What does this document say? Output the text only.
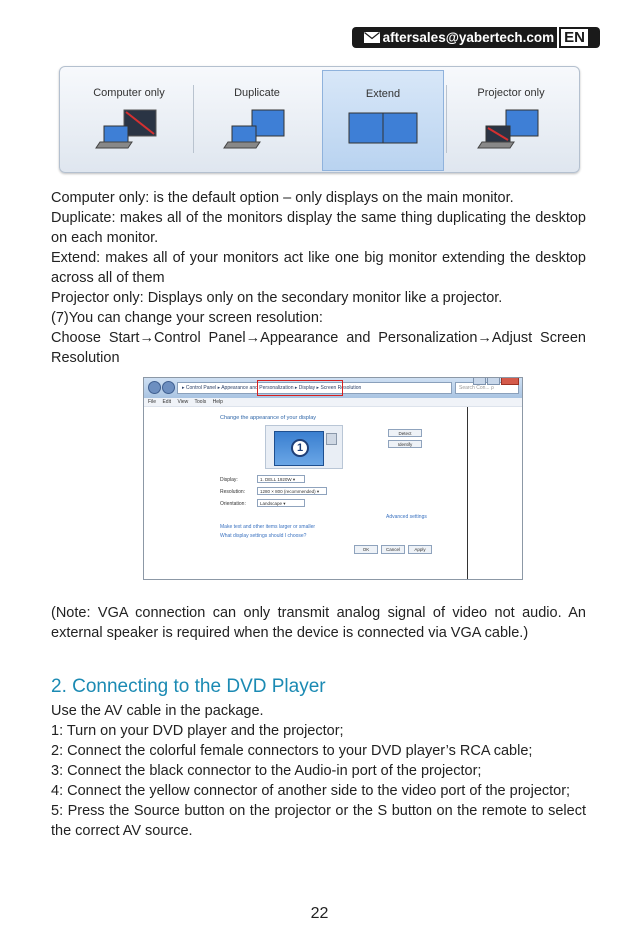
aftersales@yabertech.com EN
Computer only	Duplicate	Extend	Projector only

Computer only: is the default option – only displays on the main monitor.

Duplicate: makes all of the monitors display the same thing duplicating the desktop on each monitor.

Extend: makes all of your monitors act like one big monitor extending the desktop across all of them

Projector only: Displays only on the secondary monitor like a projector.

(7)You can change your screen resolution:

Choose Start→Control Panel→Appearance and Personalization→Adjust Screen Resolution

▸ Control Panel ▸ Appearance and Personalization ▸ Display ▸ Screen Resolution	Search Con... ρ
File Edit View Tools Help
Change the appearance of your display
1
Detect
Identify
Display:	1. DELL 1920W ▾
Resolution:	1280 × 800 (recommended) ▾
Orientation:	Landscape ▾
Advanced settings
Make text and other items larger or smaller
What display settings should I choose?
OK	Cancel	Apply
(Note: VGA connection can only transmit analog signal of video not audio. An external speaker is required when the device is connected via VGA cable.)
2. Connecting to the DVD Player

Use the AV cable in the package.

1: Turn on your DVD player and the projector;

2: Connect the colorful female connectors to your DVD player’s RCA cable;

3: Connect the black connector to the Audio-in port of the projector;

4: Connect the yellow connector of another side to the video port of the projector;

5: Press the Source button on the projector or the S button on the remote to select the correct AV source.

22
